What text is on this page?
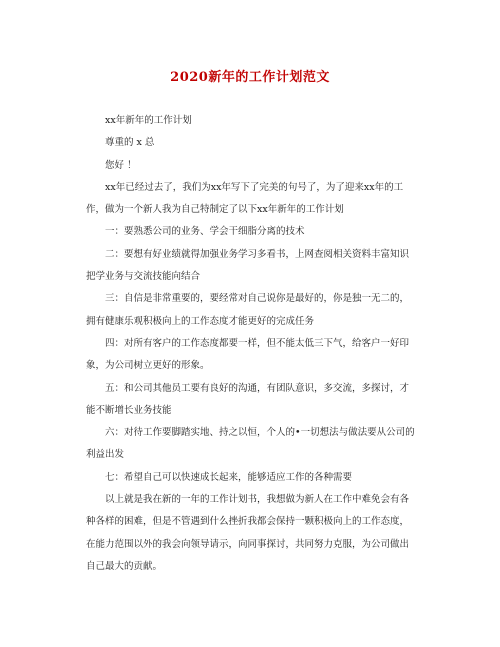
2020新年的工作计划范文

xx年新年的工作计划

尊重的 x 总

您好 ！

xx年已经过去了，我们为xx年写下了完美的句号了，为了迎来xx年的工作，做为一个新人我为自己特制定了以下xx年新年的工作计划

一：要熟悉公司的业务、学会干细脂分离的技术

二：要想有好业绩就得加强业务学习多看书，上网查阅相关资料丰富知识把学业务与交流技能向结合

三：自信是非常重要的，要经常对自己说你是最好的，你是独一无二的，拥有健康乐观积极向上的工作态度才能更好的完成任务

四：对所有客户的工作态度都要一样，但不能太低三下气，给客户一好印象，为公司树立更好的形象。

五：和公司其他员工要有良好的沟通，有团队意识，多交流，多探讨，才能不断增长业务技能

六：对待工作要脚踏实地、持之以恒，个人的•一切想法与做法要从公司的利益出发

七：希望自己可以快速成长起来，能够适应工作的各种需要

以上就是我在新的一年的工作计划书，我想做为新人在工作中难免会有各种各样的困难，但是不管遇到什么挫折我都会保持一颗积极向上的工作态度，在能力范围以外的我会向领导请示，向同事探讨，共同努力克服，为公司做出自己最大的贡献。
